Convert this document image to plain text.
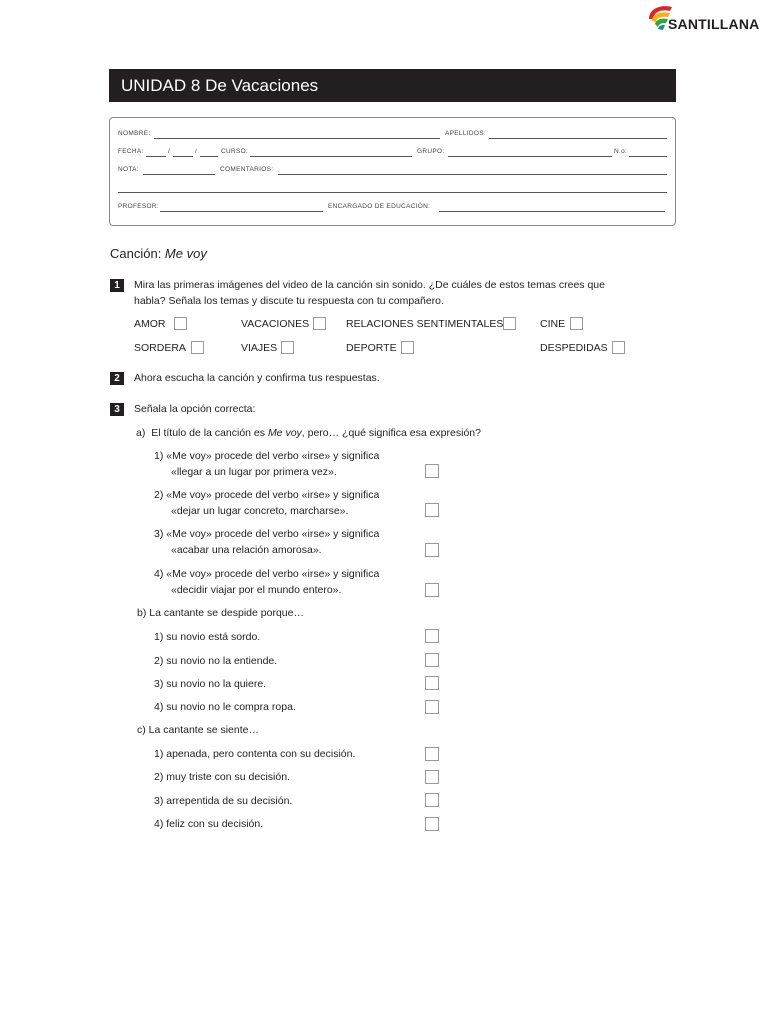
SANTILLANA
UNIDAD 8 De Vacaciones
NOMBRE:	APELLIDOS:
FECHA:	/	/	CURSO:	GRUPO:	N.o:
NOTA:	COMENTARIOS:
PROFESOR:	ENCARGADO DE EDUCACIÓN:
Canción: Me voy
1	Mira las primeras imágenes del video de la canción sin sonido. ¿De cuáles de estos temas crees que
habla? Señala los temas y discute tu respuesta con tu compañero.
AMOR	VACACIONES	RELACIONES SENTIMENTALES	CINE
SORDERA	VIAJES	DEPORTE	DESPEDIDAS
2	Ahora escucha la canción y confirma tus respuestas.
3	Señala la opción correcta:
a) El título de la canción es Me voy, pero… ¿qué significa esa expresión?
1) «Me voy» procede del verbo «irse» y significa
«llegar a un lugar por primera vez».
2) «Me voy» procede del verbo «irse» y significa
«dejar un lugar concreto, marcharse».
3) «Me voy» procede del verbo «irse» y significa
«acabar una relación amorosa».
4) «Me voy» procede del verbo «irse» y significa
«decidir viajar por el mundo entero».
b) La cantante se despide porque…
1) su novio está sordo.
2) su novio no la entiende.
3) su novio no la quiere.
4) su novio no le compra ropa.
c) La cantante se siente…
1) apenada, pero contenta con su decisión.
2) muy triste con su decisión.
3) arrepentida de su decisión.
4) feliz con su decisión.
